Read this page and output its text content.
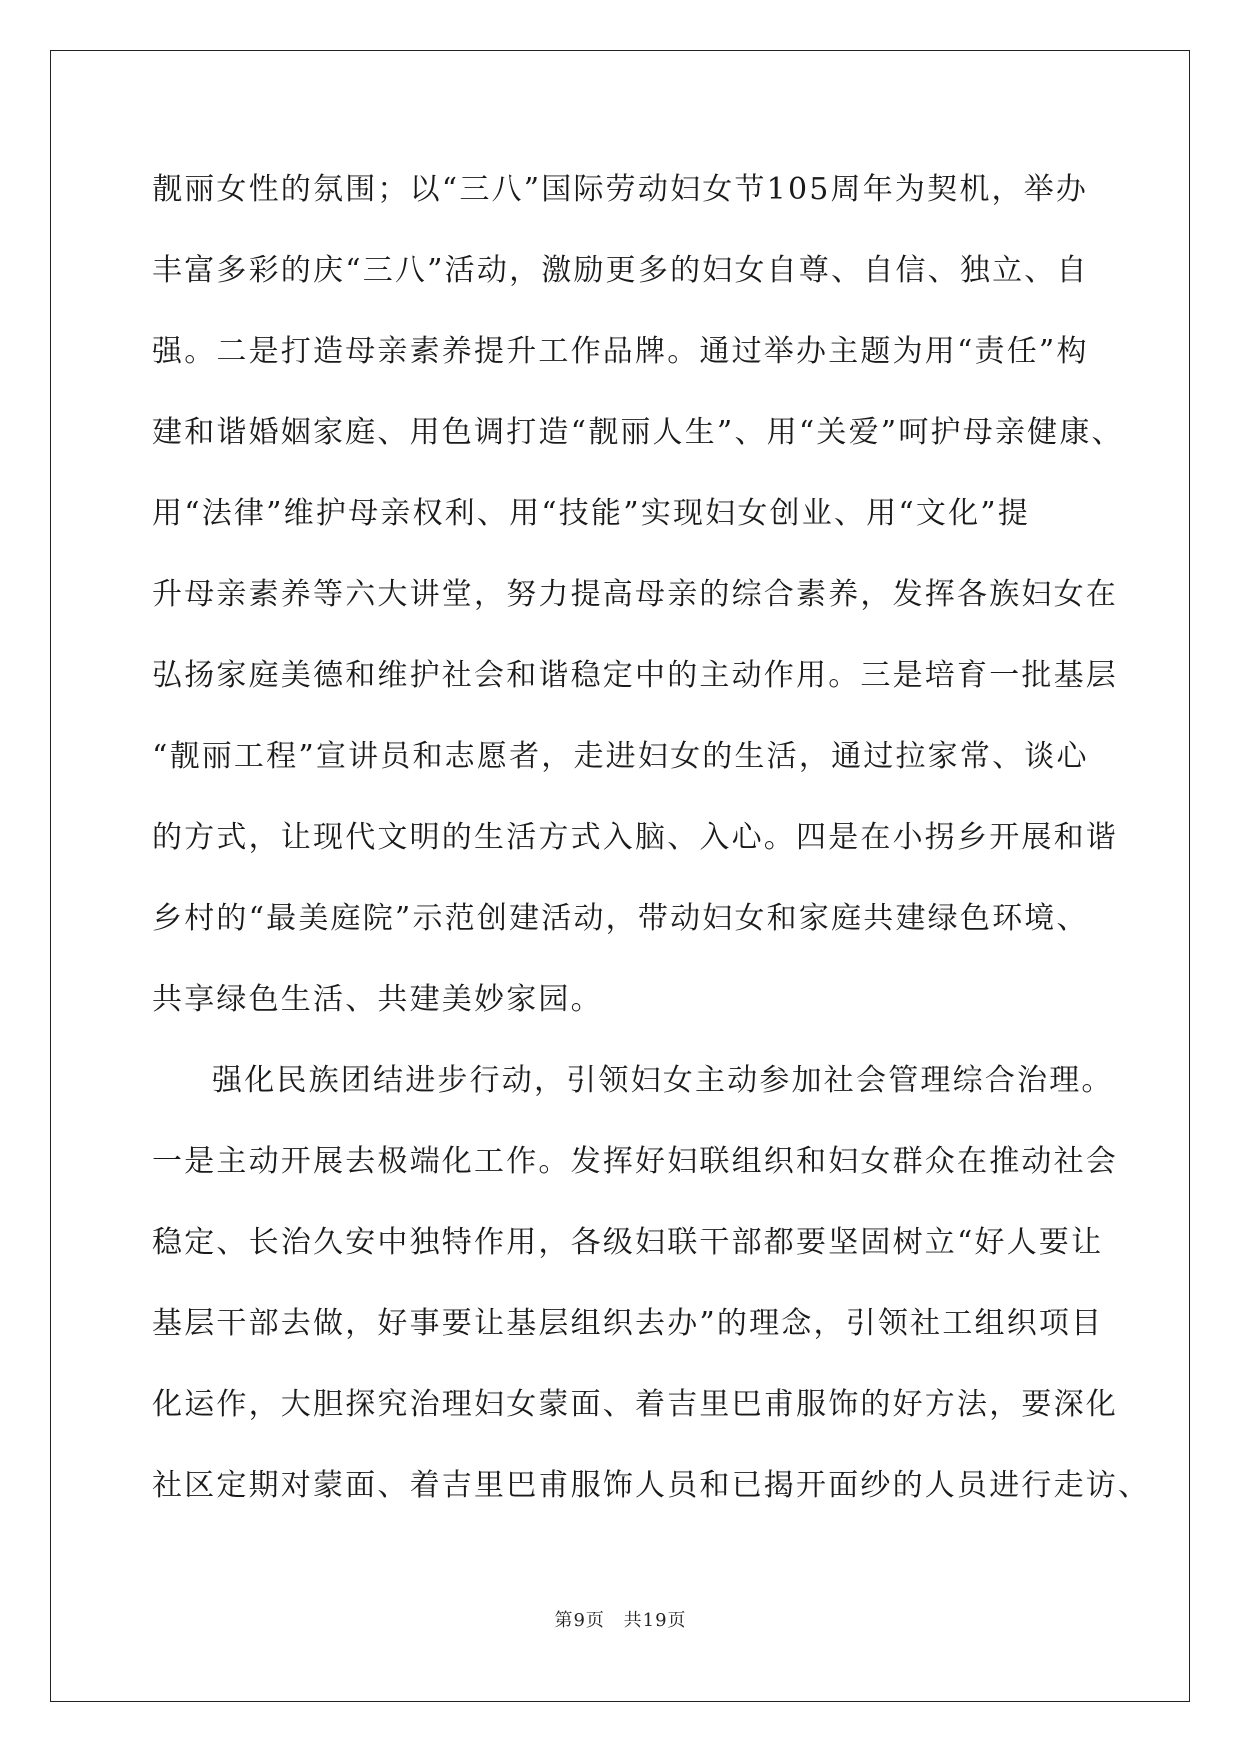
靓丽女性的氛围；以“三八”国际劳动妇女节105周年为契机，举办
丰富多彩的庆“三八”活动，激励更多的妇女自尊、自信、独立、自
强。二是打造母亲素养提升工作品牌。通过举办主题为用“责任”构
建和谐婚姻家庭、用色调打造“靓丽人生”、用“关爱”呵护母亲健康、
用“法律”维护母亲权利、用“技能”实现妇女创业、用“文化”提
升母亲素养等六大讲堂，努力提高母亲的综合素养，发挥各族妇女在
弘扬家庭美德和维护社会和谐稳定中的主动作用。三是培育一批基层
“靓丽工程”宣讲员和志愿者，走进妇女的生活，通过拉家常、谈心
的方式，让现代文明的生活方式入脑、入心。四是在小拐乡开展和谐
乡村的“最美庭院”示范创建活动，带动妇女和家庭共建绿色环境、
共享绿色生活、共建美妙家园。
强化民族团结进步行动，引领妇女主动参加社会管理综合治理。
一是主动开展去极端化工作。发挥好妇联组织和妇女群众在推动社会
稳定、长治久安中独特作用，各级妇联干部都要坚固树立“好人要让
基层干部去做，好事要让基层组织去办”的理念，引领社工组织项目
化运作，大胆探究治理妇女蒙面、着吉里巴甫服饰的好方法，要深化
社区定期对蒙面、着吉里巴甫服饰人员和已揭开面纱的人员进行走访、
第9页 共19页
